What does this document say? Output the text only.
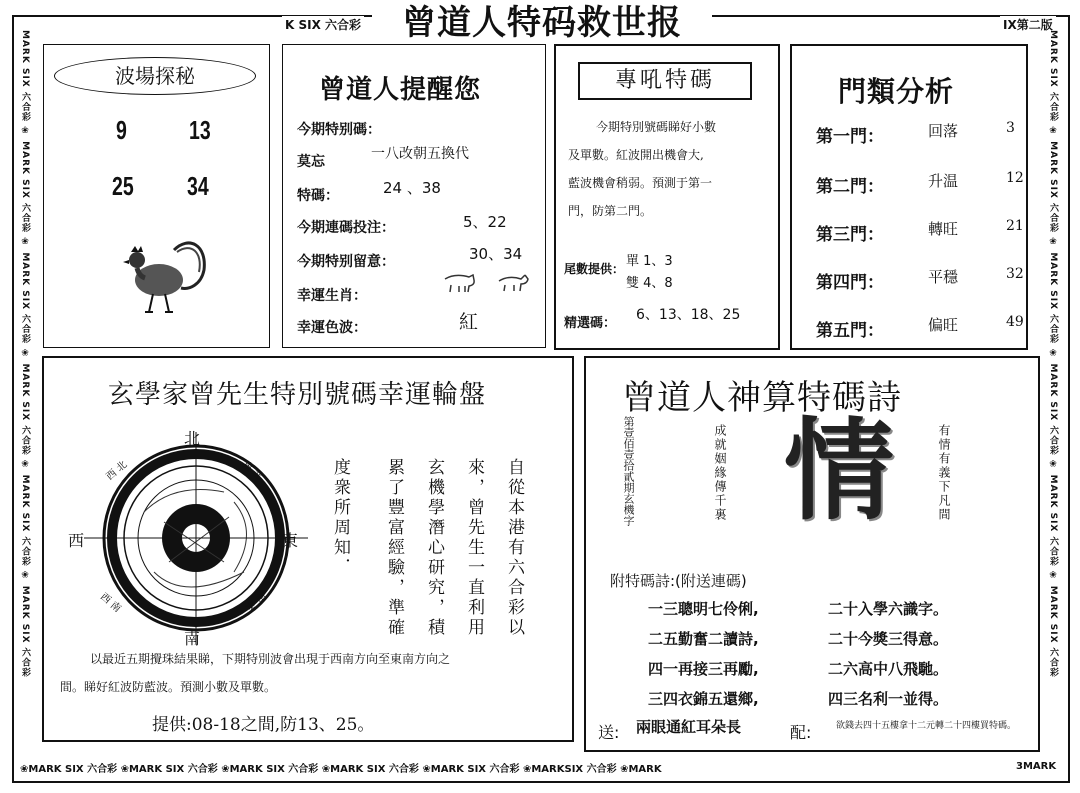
曾道人特码救世报
K SIX 六合彩	IX第二版
MARK SIX 六合彩 ❀ MARK SIX 六合彩 ❀ MARK SIX 六合彩 ❀ MARK SIX 六合彩 ❀ MARK SIX 六合彩 ❀ MARK SIX 六合彩
MARK SIX 六合彩 ❀ MARK SIX 六合彩 ❀ MARK SIX 六合彩 ❀ MARK SIX 六合彩 ❀ MARK SIX 六合彩 ❀ MARK SIX 六合彩
❀MARK SIX 六合彩 ❀MARK SIX 六合彩 ❀MARK SIX 六合彩 ❀MARK SIX 六合彩 ❀MARK SIX 六合彩 ❀MARKSIX 六合彩 ❀MARK	3MARK
波場探秘
9 13
25 34
曾道人提醒您
今期特别碼：
莫忘	一八改朝五換代
特碼：	24 、38
今期連碼投注：	5、22
今期特别留意：	30、34
幸運生肖：
幸運色波：	紅
專吼特碼
今期特別號碼睇好小數
及單數。紅波開出機會大,
藍波機會稍弱。預測于第一
門，防第二門。
尾數提供： 單 1、3
雙 4、8
精選碼：
6、13、18、25
門類分析
第一門：	回落	3
第二門：	升温	12
第三門：	轉旺	21
第四門：	平穩	32
第五門：	偏旺	49
玄學家曾先生特別號碼幸運輪盤
北
南
西	東
西 北	東 北
西 南	東 南	自從本港有六合彩以
來，曾先生一直利用
玄機學潛心研究，積
累了豐富經驗，準確
度衆所周知．
以最近五期攪珠結果睇，下期特別波會出現于西南方向至東南方向之
間。睇好紅波防藍波。預測小數及單數。
提供:08-18之間,防13、25。
曾道人神算特碼詩
第壹佰壹拾貳期玄機字	成就姻緣傳千裏 情	有情有義下凡間
附特碼詩:(附送連碼)
一三聰明七伶俐,	二十入學六識字。
二五勤奮二讀詩,	二十今獎三得意。
四一再接三再勵,	二六高中八飛馳。
三四衣錦五還鄉,	四三名利一並得。
送: 兩眼通紅耳朵長	配:	欲錢去四十五樓拿十二元轉二十四樓買特碼。
